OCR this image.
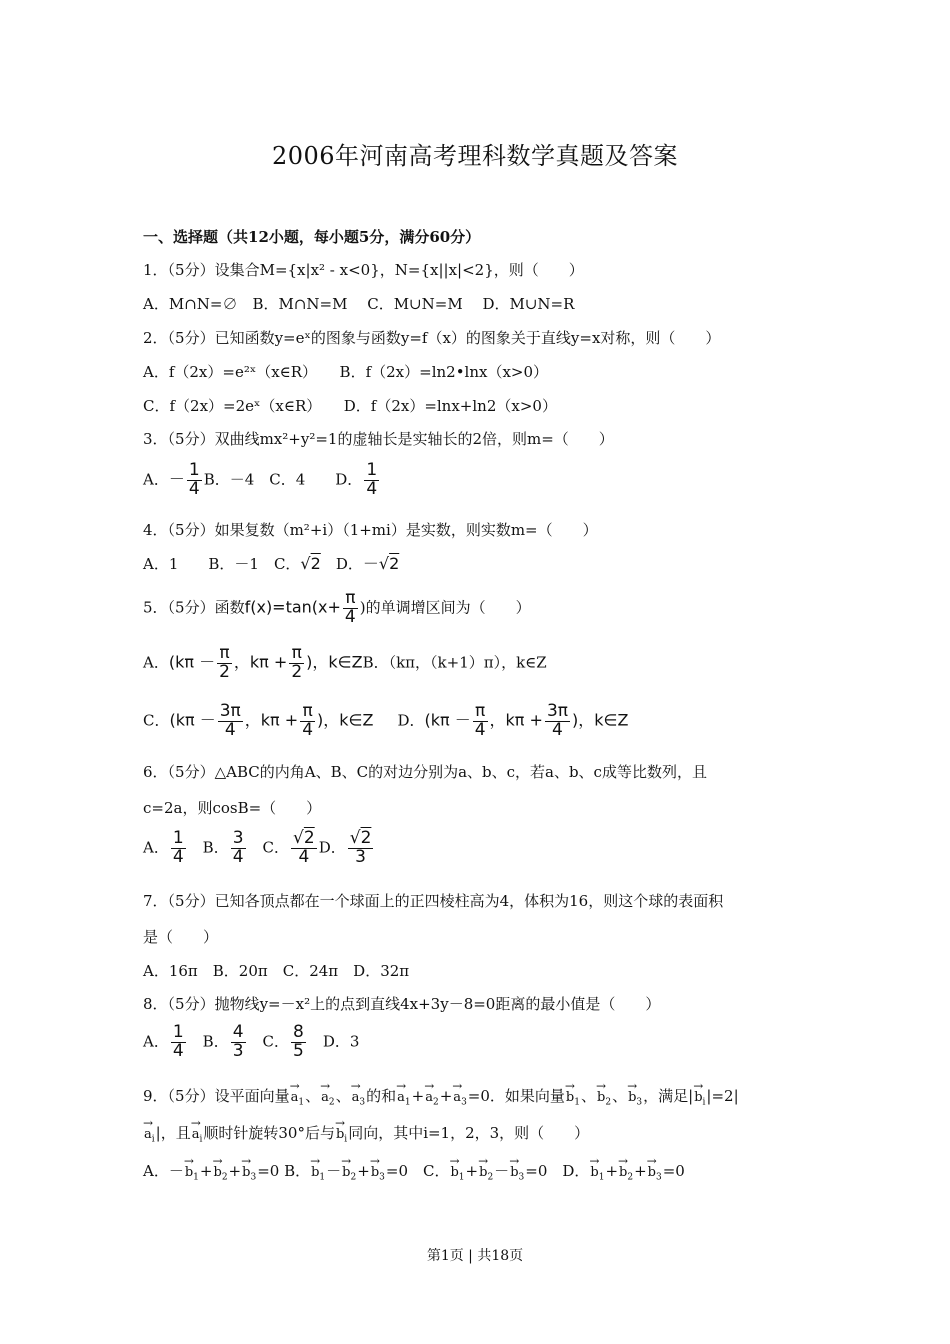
2006年河南高考理科数学真题及答案
一、选择题（共12小题，每小题5分，满分60分）
1．（5分）设集合M={x|x² - x<0}，N={x||x|<2}，则（　　）
A．M∩N=∅　B．M∩N=M　 C．M∪N=M　 D．M∪N=R
2．（5分）已知函数y=eˣ的图象与函数y=f（x）的图象关于直线y=x对称，则（　　）
A．f（2x）=e²ˣ（x∈R）　　B．f（2x）=ln2•lnx（x>0）
C．f（2x）=2eˣ（x∈R）　　D．f（2x）=lnx+ln2（x>0）
3．（5分）双曲线mx²+y²=1的虚轴长是实轴长的2倍，则m=（　　）
A．－ $\frac{1}{4}$ B．－4　C．4　　D． $\frac{1}{4}$
4．（5分）如果复数（m²+i）（1+mi）是实数，则实数m=（　　）
A．1　　B．－1　C．√2　D．－√2
5．（5分）函数$f(x)=\tan(x+ \frac{\pi}{4}$ )的单调增区间为（　　）
A．($k\pi - \frac{\pi}{2}$ ，$k\pi + \frac{\pi}{2}$ )，k∈ZB．（kπ，（k+1）π），k∈Z
C．($k\pi - \frac{3\pi}{4}$ ，$k\pi + \frac{\pi}{4}$ )，k∈Z D．($k\pi - \frac{\pi}{4}$ ，$k\pi + \frac{3\pi}{4}$ )，k∈Z
6．（5分）△ABC的内角A、B、C的对边分别为a、b、c，若a、b、c成等比数列，且
c=2a，则cosB=（　　）
A． $\frac{1}{4}$ 　B． $\frac{3}{4}$ 　C． $\frac{√2}{4}$ D． $\frac{√2}{3}$
7．（5分）已知各顶点都在一个球面上的正四棱柱高为4，体积为16，则这个球的表面积
是（　　）
A．16π　B．20π　C．24π　D．32π
8．（5分）抛物线y=－x²上的点到直线4x+3y－8=0距离的最小值是（　　）
A． $\frac{1}{4}$ 　B． $\frac{4}{3}$ 　C． $\frac{8}{5}$ 　D．3
9．（5分）设平面向量→ $a_1$、→ $a_2$、→ $a_3$的和→ $a_1+\to a_2+\to a_3=0$．如果向量→ $b_1$、→ $b_2$、→ $b_3$，满足|→ $b_i|=2|$
→ $a_i|$，且→ $a_i$顺时针旋转30°后与→ $b_i$同向，其中i=1，2，3，则（　　）
A．－→ $b_1+\to b_2+\to b_3=0$ B．→ $b_1-\to b_2+\to b_3=0$　C．→ $b_1+\to b_2-\to b_3=0$　D．→ $b_1+\to b_2+\to b_3=0$
第1页 | 共18页
